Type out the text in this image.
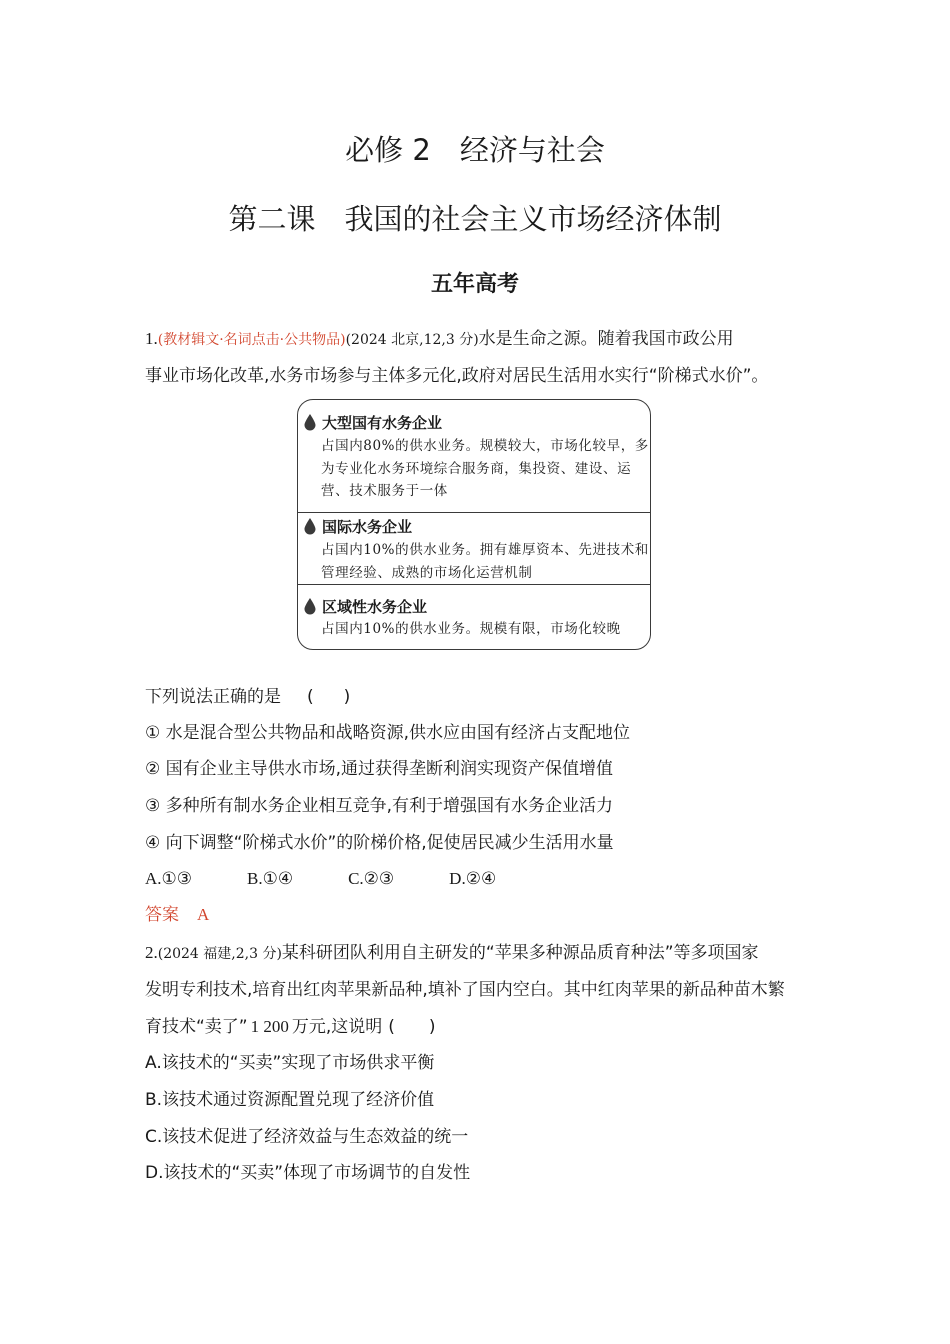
必修 2　经济与社会
第二课　我国的社会主义市场经济体制
五年高考
1.(教材辑文·名词点击·公共物品)(2024 北京,12,3 分)水是生命之源。随着我国市政公用
事业市场化改革,水务市场参与主体多元化,政府对居民生活用水实行“阶梯式水价”。
大型国有水务企业
占国内80%的供水业务。规模较大，市场化较早，多为专业化水务环境综合服务商，集投资、建设、运营、技术服务于一体
国际水务企业
占国内10%的供水业务。拥有雄厚资本、先进技术和管理经验、成熟的市场化运营机制
区域性水务企业
占国内10%的供水业务。规模有限，市场化较晚
下列说法正确的是 ( )
① 水是混合型公共物品和战略资源,供水应由国有经济占支配地位
② 国有企业主导供水市场,通过获得垄断利润实现资产保值增值
③ 多种所有制水务企业相互竞争,有利于增强国有水务企业活力
④ 向下调整“阶梯式水价”的阶梯价格,促使居民减少生活用水量
A.①③	B.①④	C.②③	D.②④
答案 A
2.(2024 福建,2,3 分)某科研团队利用自主研发的“苹果多种源品质育种法”等多项国家
发明专利技术,培育出红肉苹果新品种,填补了国内空白。其中红肉苹果的新品种苗木繁
育技术“卖了” 1 200 万元,这说明 (　　)
A.该技术的“买卖”实现了市场供求平衡
B.该技术通过资源配置兑现了经济价值
C.该技术促进了经济效益与生态效益的统一
D.该技术的“买卖”体现了市场调节的自发性
